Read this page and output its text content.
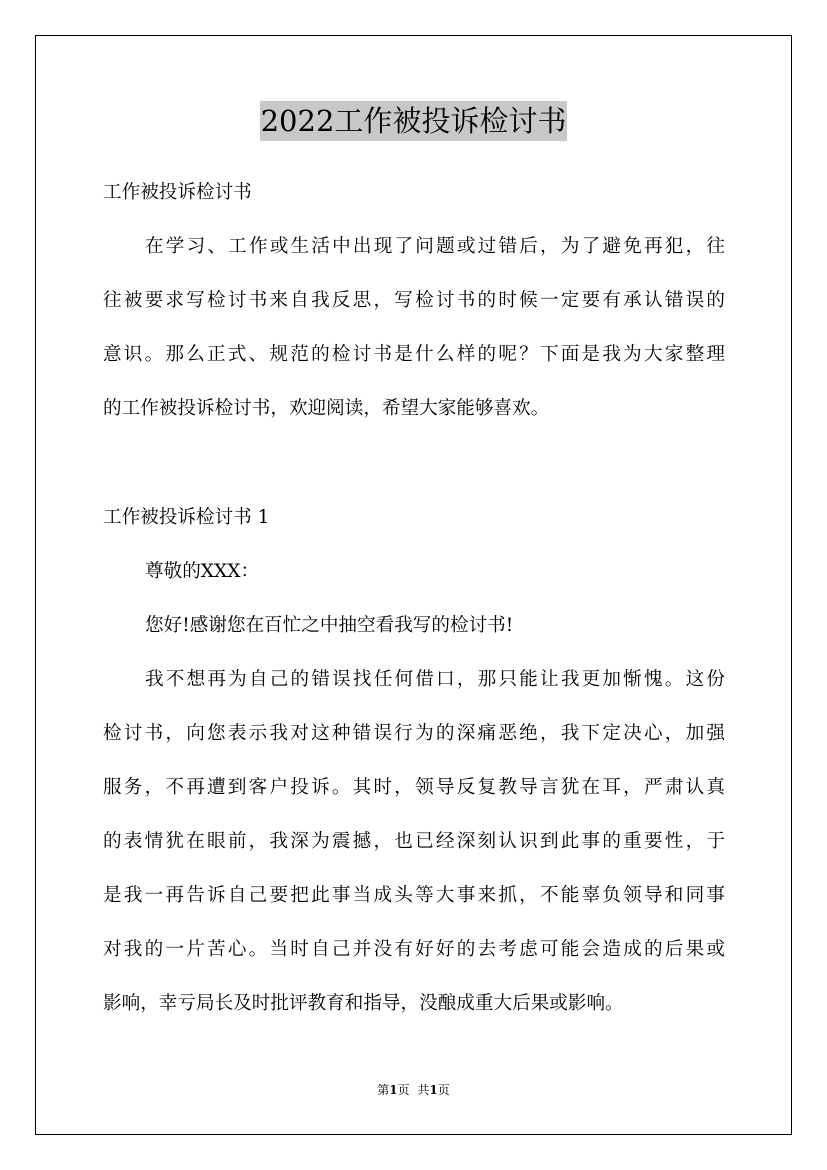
2022工作被投诉检讨书
工作被投诉检讨书
在学习、工作或生活中出现了问题或过错后，为了避免再犯，往
往被要求写检讨书来自我反思，写检讨书的时候一定要有承认错误的
意识。那么正式、规范的检讨书是什么样的呢？下面是我为大家整理
的工作被投诉检讨书，欢迎阅读，希望大家能够喜欢。
工作被投诉检讨书 1
尊敬的XXX：
您好!感谢您在百忙之中抽空看我写的检讨书!
我不想再为自己的错误找任何借口，那只能让我更加惭愧。这份
检讨书，向您表示我对这种错误行为的深痛恶绝，我下定决心，加强
服务，不再遭到客户投诉。其时，领导反复教导言犹在耳，严肃认真
的表情犹在眼前，我深为震撼，也已经深刻认识到此事的重要性，于
是我一再告诉自己要把此事当成头等大事来抓，不能辜负领导和同事
对我的一片苦心。当时自己并没有好好的去考虑可能会造成的后果或
影响，幸亏局长及时批评教育和指导，没酿成重大后果或影响。
第1页 共1页
